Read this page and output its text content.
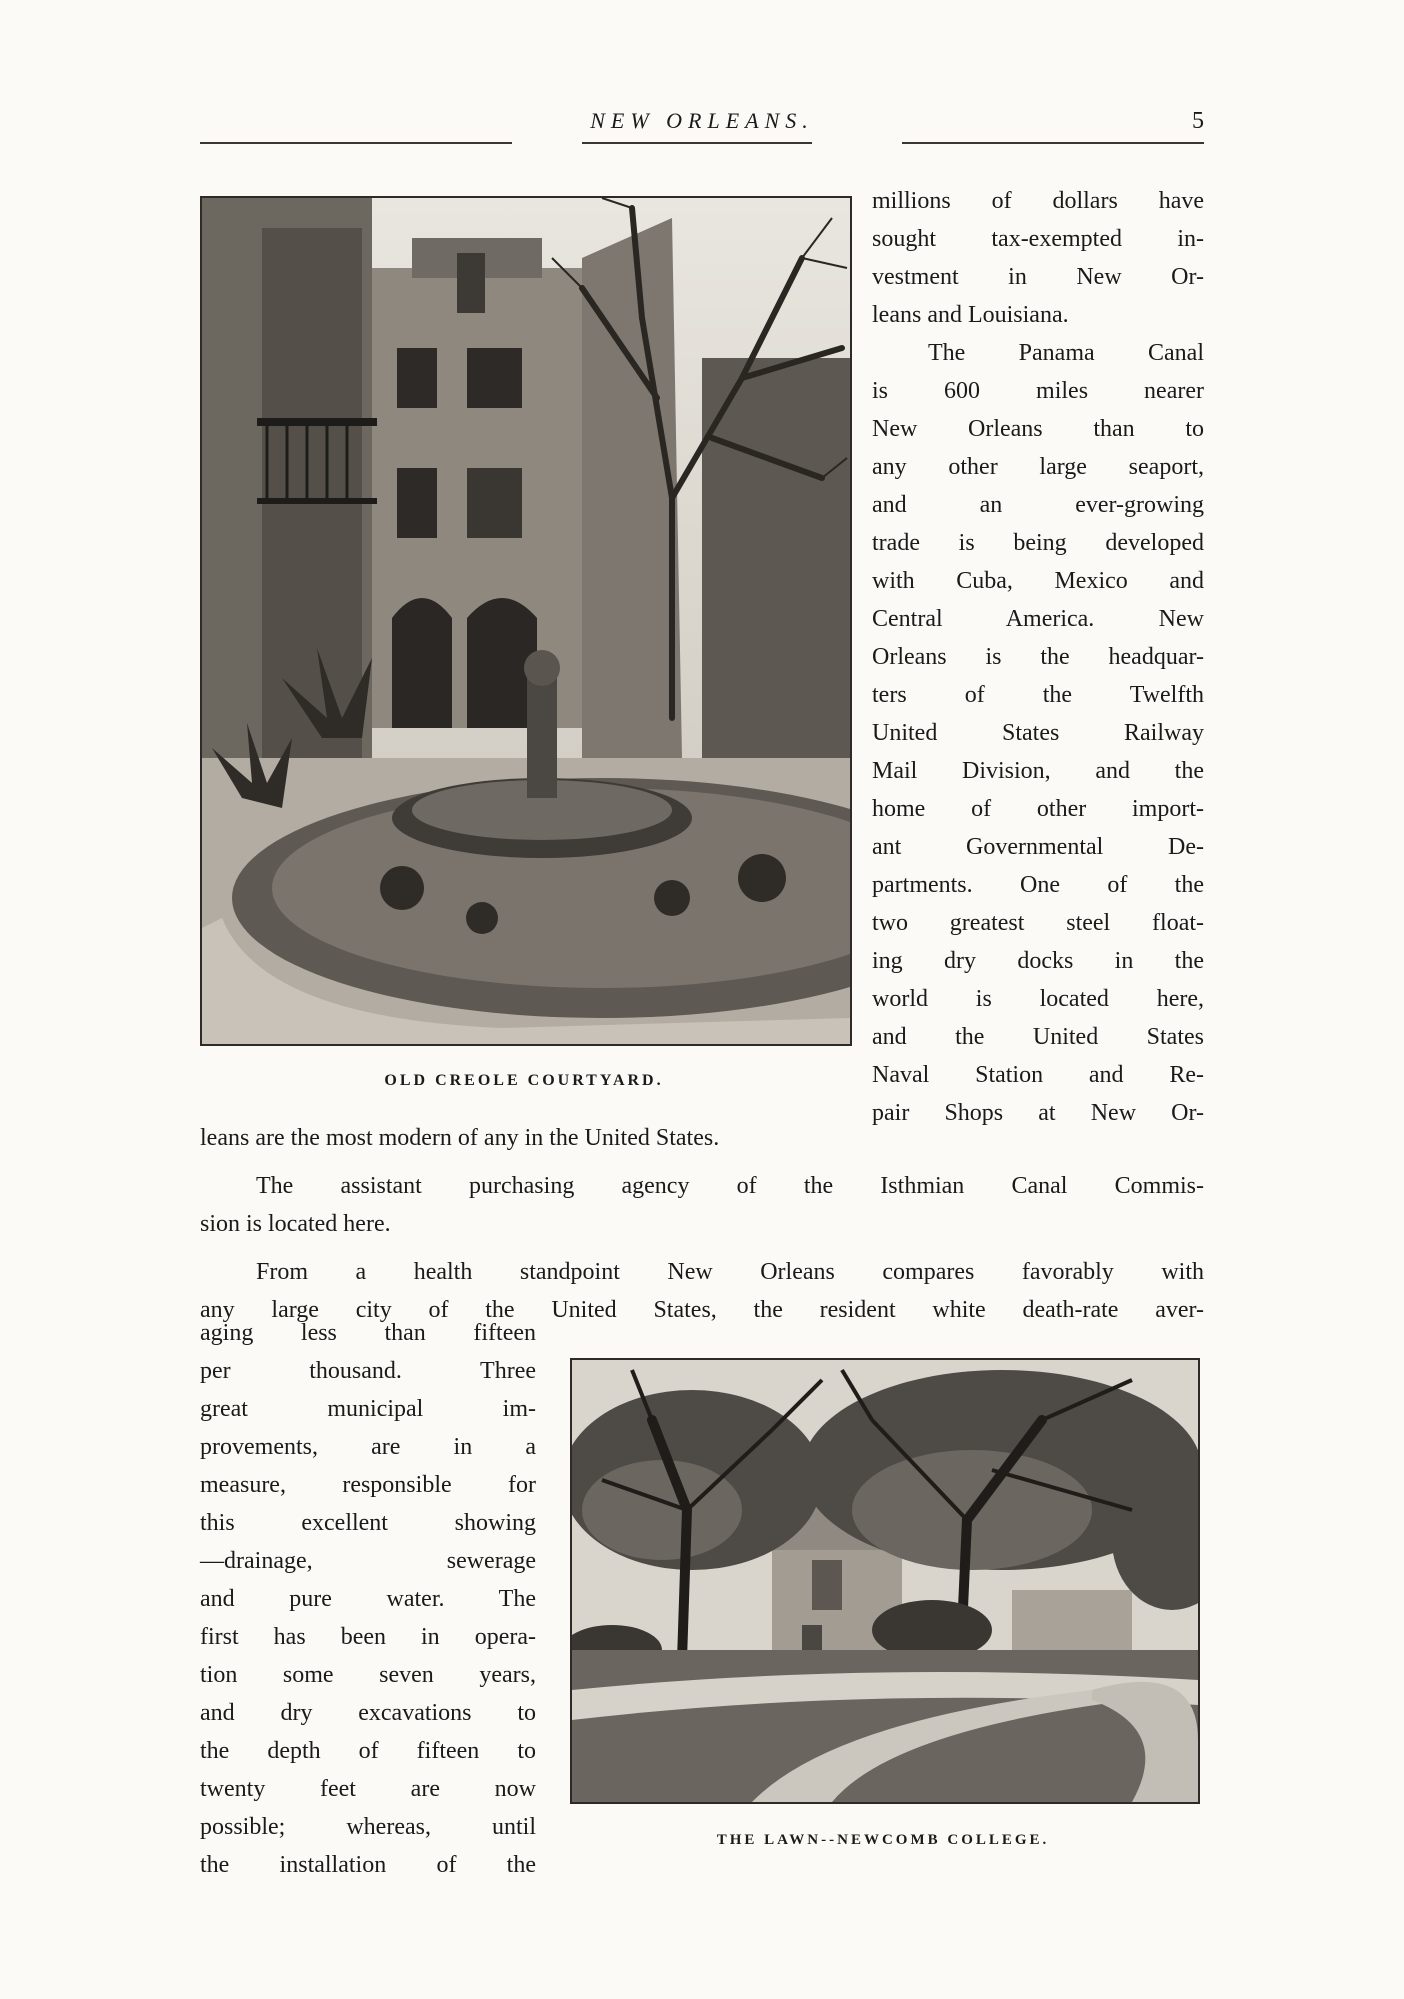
NEW ORLEANS.	5
OLD CREOLE COURTYARD.
millions of dollars have
sought tax-exempted in-
vestment in New Or-
leans and Louisiana.
The Panama Canal
is 600 miles nearer
New Orleans than to
any other large seaport,
and an ever-growing
trade is being developed
with Cuba, Mexico and
Central America. New
Orleans is the headquar-
ters of the Twelfth
United States Railway
Mail Division, and the
home of other import-
ant Governmental De-
partments. One of the
two greatest steel float-
ing dry docks in the
world is located here,
and the United States
Naval Station and Re-
pair Shops at New Or-
leans are the most modern of any in the United States.
The assistant purchasing agency of the Isthmian Canal Commis-
sion is located here.
From a health standpoint New Orleans compares favorably with
any large city of the United States, the resident white death-rate aver-
aging less than fifteen
per thousand. Three
great municipal im-
provements, are in a
measure, responsible for
this excellent showing
—drainage, sewerage
and pure water. The
first has been in opera-
tion some seven years,
and dry excavations to
the depth of fifteen to
twenty feet are now
possible; whereas, until
the installation of the
THE LAWN--NEWCOMB COLLEGE.
